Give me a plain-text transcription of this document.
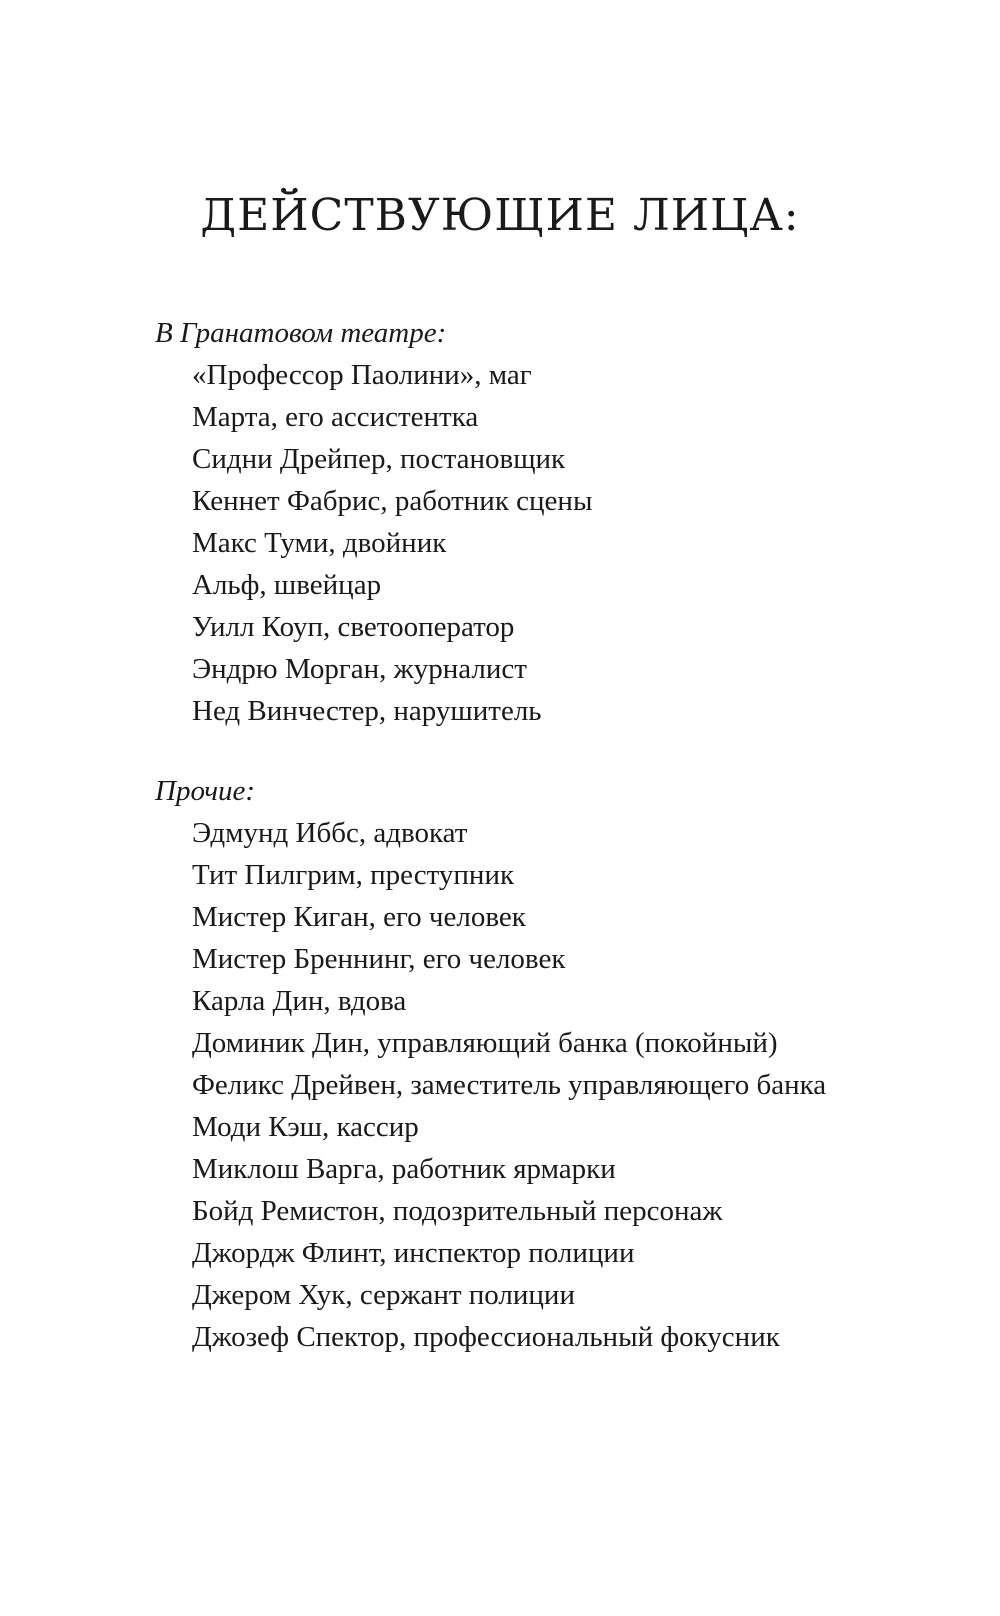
ДЕЙСТВУЮЩИЕ ЛИЦА:

В Гранатовом театре:

«Профессор Паолини», маг
Марта, его ассистентка
Сидни Дрейпер, постановщик
Кеннет Фабрис, работник сцены
Макс Туми, двойник
Альф, швейцар
Уилл Коуп, светооператор
Эндрю Морган, журналист
Нед Винчестер, нарушитель

Прочие:

Эдмунд Иббс, адвокат
Тит Пилгрим, преступник
Мистер Киган, его человек
Мистер Бреннинг, его человек
Карла Дин, вдова
Доминик Дин, управляющий банка (покойный)
Феликс Дрейвен, заместитель управляющего банка
Моди Кэш, кассир
Миклош Варга, работник ярмарки
Бойд Ремистон, подозрительный персонаж
Джордж Флинт, инспектор полиции
Джером Хук, сержант полиции
Джозеф Спектор, профессиональный фокусник
